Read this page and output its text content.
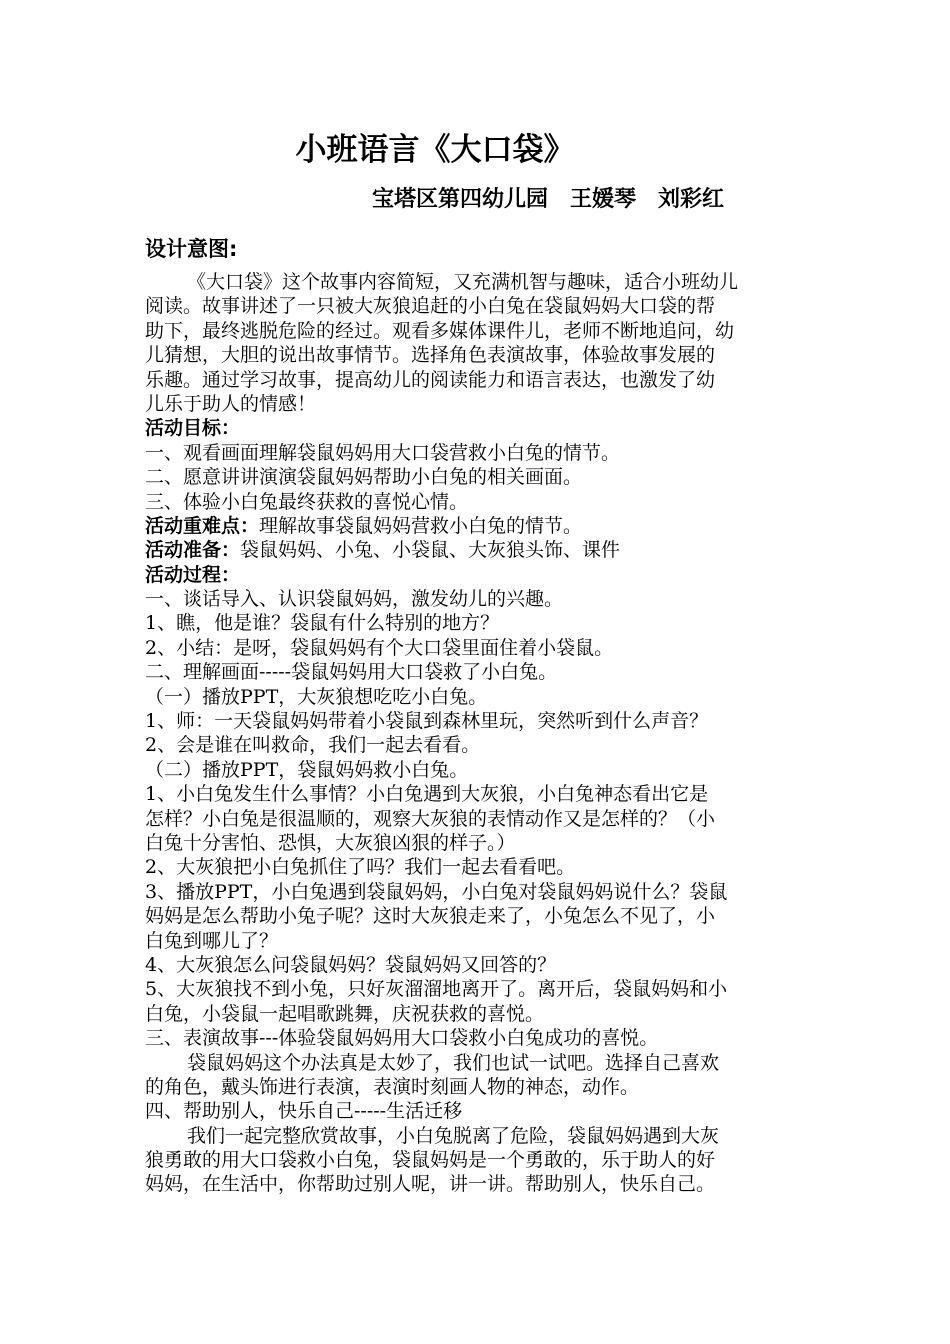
小班语言《大口袋》
宝塔区第四幼儿园　王媛琴　刘彩红
设计意图:
《大口袋》这个故事内容简短，又充满机智与趣味，适合小班幼儿
阅读。故事讲述了一只被大灰狼追赶的小白兔在袋鼠妈妈大口袋的帮
助下，最终逃脱危险的经过。观看多媒体课件儿，老师不断地追问，幼
儿猜想，大胆的说出故事情节。选择角色表演故事，体验故事发展的
乐趣。通过学习故事，提高幼儿的阅读能力和语言表达，也激发了幼
儿乐于助人的情感！
活动目标：
一、观看画面理解袋鼠妈妈用大口袋营救小白兔的情节。
二、愿意讲讲演演袋鼠妈妈帮助小白兔的相关画面。
三、体验小白兔最终获救的喜悦心情。
活动重难点：理解故事袋鼠妈妈营救小白兔的情节。
活动准备：袋鼠妈妈、小兔、小袋鼠、大灰狼头饰、课件
活动过程：
一、谈话导入、认识袋鼠妈妈，激发幼儿的兴趣。
1、瞧，他是谁？袋鼠有什么特别的地方？
2、小结：是呀，袋鼠妈妈有个大口袋里面住着小袋鼠。
二、理解画面-----袋鼠妈妈用大口袋救了小白兔。
（一）播放PPT，大灰狼想吃吃小白兔。
1、师：一天袋鼠妈妈带着小袋鼠到森林里玩，突然听到什么声音？
2、会是谁在叫救命，我们一起去看看。
（二）播放PPT，袋鼠妈妈救小白兔。
1、小白兔发生什么事情？小白兔遇到大灰狼，小白兔神态看出它是
怎样？小白兔是很温顺的，观察大灰狼的表情动作又是怎样的？（小
白兔十分害怕、恐惧，大灰狼凶狠的样子。）
2、大灰狼把小白兔抓住了吗？我们一起去看看吧。
3、播放PPT，小白兔遇到袋鼠妈妈，小白兔对袋鼠妈妈说什么？袋鼠
妈妈是怎么帮助小兔子呢？这时大灰狼走来了，小兔怎么不见了，小
白兔到哪儿了？
4、大灰狼怎么问袋鼠妈妈？袋鼠妈妈又回答的？
5、大灰狼找不到小兔，只好灰溜溜地离开了。离开后，袋鼠妈妈和小
白兔，小袋鼠一起唱歌跳舞，庆祝获救的喜悦。
三、表演故事---体验袋鼠妈妈用大口袋救小白兔成功的喜悦。
袋鼠妈妈这个办法真是太妙了，我们也试一试吧。选择自己喜欢
的角色，戴头饰进行表演，表演时刻画人物的神态，动作。
四、帮助别人，快乐自己-----生活迁移
我们一起完整欣赏故事，小白兔脱离了危险，袋鼠妈妈遇到大灰
狼勇敢的用大口袋救小白兔，袋鼠妈妈是一个勇敢的，乐于助人的好
妈妈，在生活中，你帮助过别人呢，讲一讲。帮助别人，快乐自己。
